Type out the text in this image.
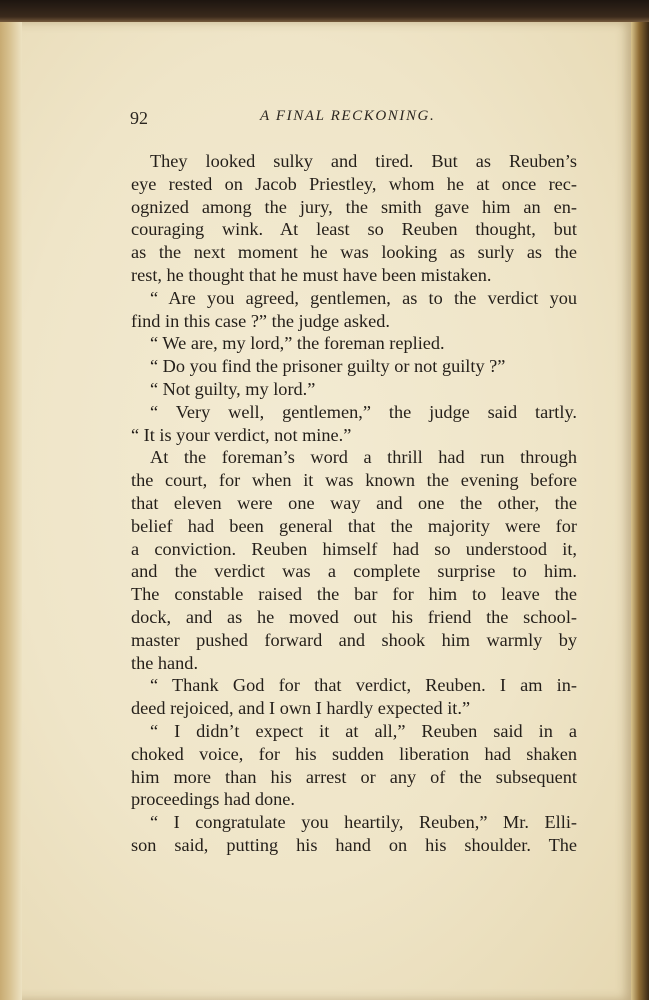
92	A FINAL RECKONING.

They looked sulky and tired. But as Reuben’s

eye rested on Jacob Priestley, whom he at once rec-

ognized among the jury, the smith gave him an en-

couraging wink. At least so Reuben thought, but

as the next moment he was looking as surly as the

rest, he thought that he must have been mistaken.

“ Are you agreed, gentlemen, as to the verdict you

find in this case ?” the judge asked.

“ We are, my lord,” the foreman replied.

“ Do you find the prisoner guilty or not guilty ?”

“ Not guilty, my lord.”

“ Very well, gentlemen,” the judge said tartly.

“ It is your verdict, not mine.”

At the foreman’s word a thrill had run through

the court, for when it was known the evening before

that eleven were one way and one the other, the

belief had been general that the majority were for

a conviction. Reuben himself had so understood it,

and the verdict was a complete surprise to him.

The constable raised the bar for him to leave the

dock, and as he moved out his friend the school-

master pushed forward and shook him warmly by

the hand.

“ Thank God for that verdict, Reuben. I am in-

deed rejoiced, and I own I hardly expected it.”

“ I didn’t expect it at all,” Reuben said in a

choked voice, for his sudden liberation had shaken

him more than his arrest or any of the subsequent

proceedings had done.

“ I congratulate you heartily, Reuben,” Mr. Elli-

son said, putting his hand on his shoulder. The
